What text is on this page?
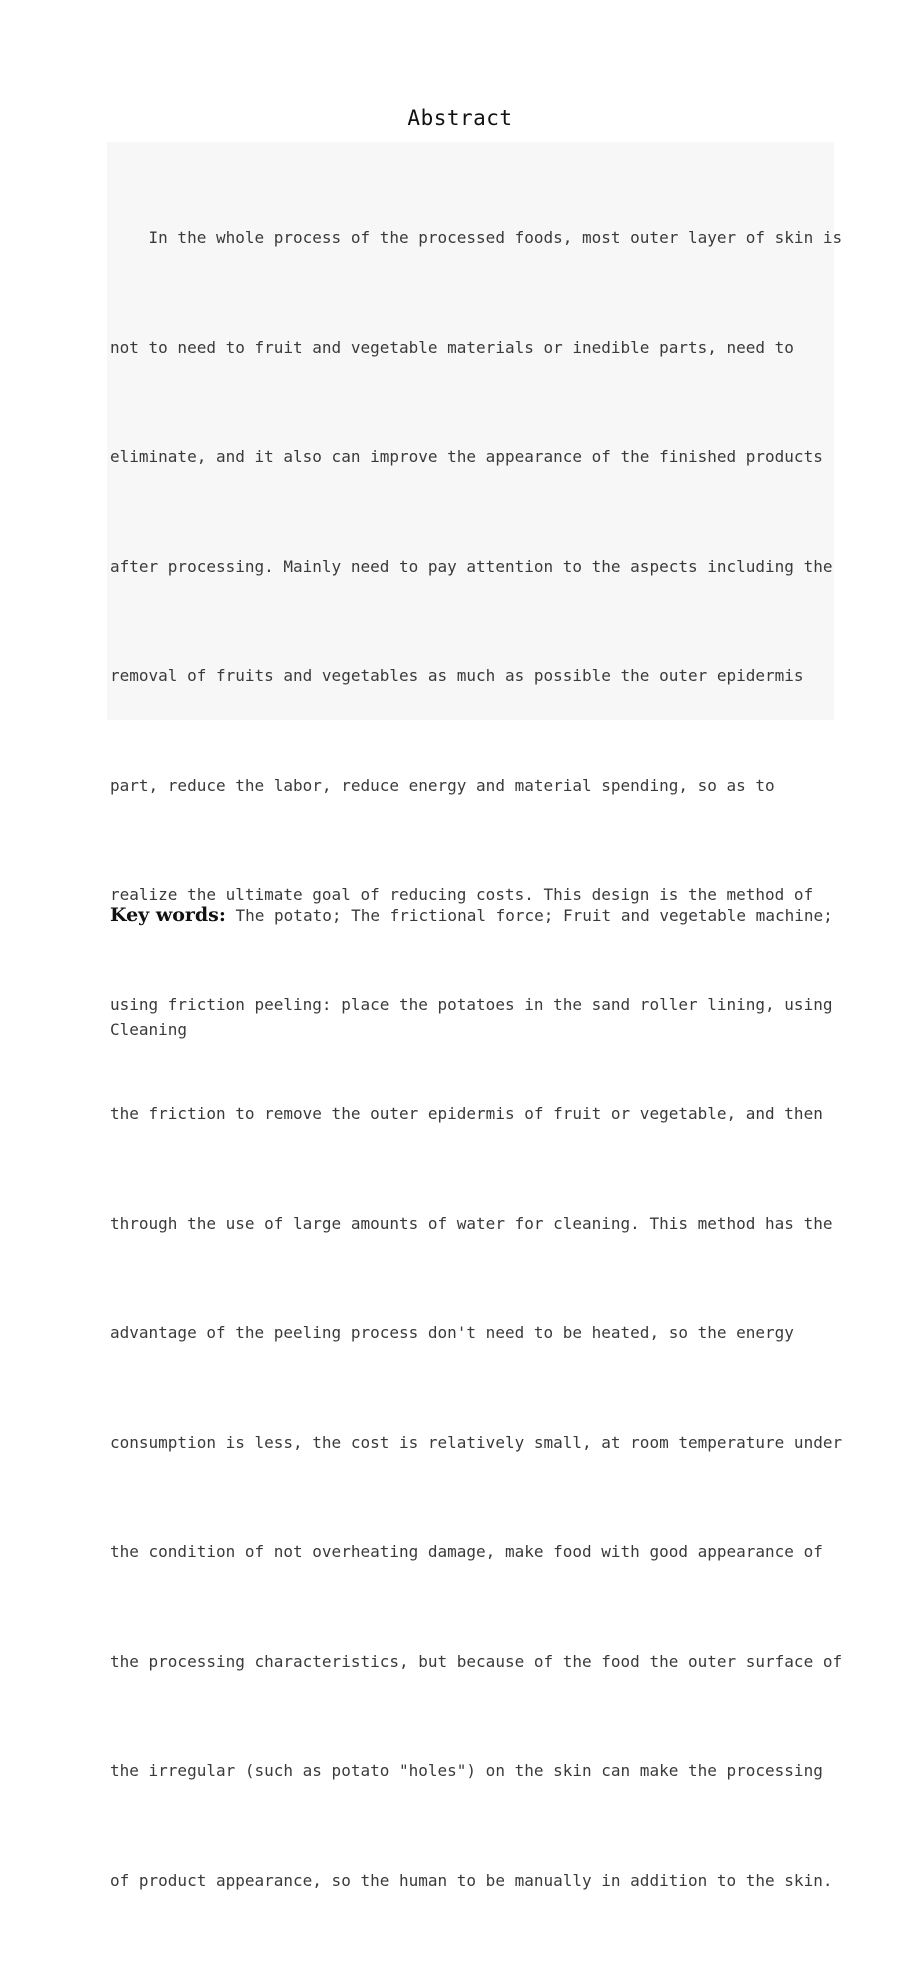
Abstract

In the whole process of the processed foods, most outer layer of skin is

not to need to fruit and vegetable materials or inedible parts, need to

eliminate, and it also can improve the appearance of the finished products

after processing. Mainly need to pay attention to the aspects including the

removal of fruits and vegetables as much as possible the outer epidermis

part, reduce the labor, reduce energy and material spending, so as to

realize the ultimate goal of reducing costs. This design is the method of

using friction peeling: place the potatoes in the sand roller lining, using

the friction to remove the outer epidermis of fruit or vegetable, and then

through the use of large amounts of water for cleaning. This method has the

advantage of the peeling process don't need to be heated, so the energy

consumption is less, the cost is relatively small, at room temperature under

the condition of not overheating damage, make food with good appearance of

the processing characteristics, but because of the food the outer surface of

the irregular (such as potato "holes") on the skin can make the processing

of product appearance, so the human to be manually in addition to the skin.

Key words: The potato; The frictional force; Fruit and vegetable machine;

Cleaning
